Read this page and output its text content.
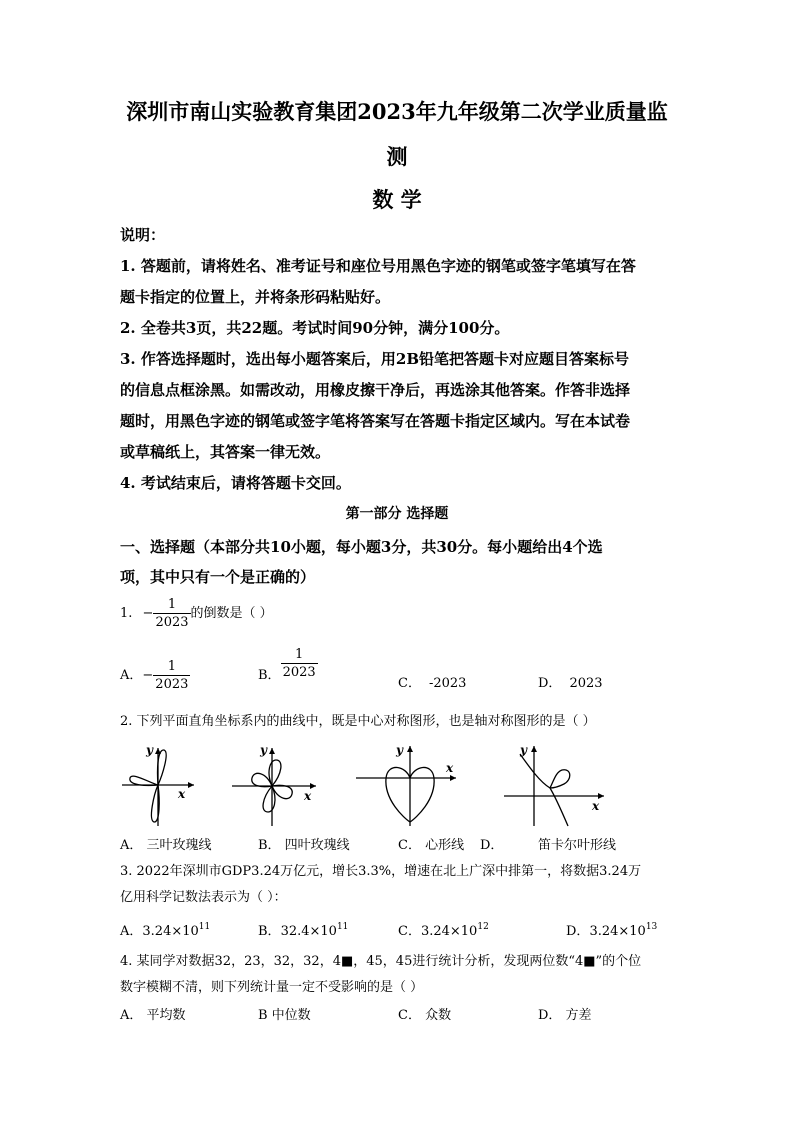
深圳市南山实验教育集团2023年九年级第二次学业质量监
测
数 学
说明：
1. 答题前，请将姓名、准考证号和座位号用黑色字迹的钢笔或签字笔填写在答
题卡指定的位置上，并将条形码粘贴好。
2. 全卷共3页，共22题。考试时间90分钟，满分100分。
3. 作答选择题时，选出每小题答案后，用2B铅笔把答题卡对应题目答案标号
的信息点框涂黑。如需改动，用橡皮擦干净后，再选涂其他答案。作答非选择
题时，用黑色字迹的钢笔或签字笔将答案写在答题卡指定区域内。写在本试卷
或草稿纸上，其答案一律无效。
4. 考试结束后，请将答题卡交回。
第一部分 选择题
一、选择题（本部分共10小题，每小题3分，共30分。每小题给出4个选
项，其中只有一个是正确的）
1. − $\frac{1}{2023}$ 的倒数是（ ）
A．− $\frac{1}{2023}$	B． $\frac{1}{2023}$
C． -2023	D． 2023
2. 下列平面直角坐标系内的曲线中，既是中心对称图形，也是轴对称图形的是（ ）
x
y
x
y
x
y
x
y
A． 三叶玫瑰线	B． 四叶玫瑰线	C． 心形线 D．	笛卡尔叶形线
3. 2022年深圳市GDP3.24万亿元，增长3.3%，增速在北上广深中排第一，将数据3.24万
亿用科学记数法表示为（ ）：
A．$3.24\times 10^{11}$	B．$32.4\times 10^{11}$	C．$3.24\times 10^{12}$	D．$3.24\times 10^{13}$
4. 某同学对数据32，23，32，32，4■，45，45进行统计分析，发现两位数“4■”的个位
数字模糊不清，则下列统计量一定不受影响的是（ ）
A． 平均数	B 中位数	C． 众数	D． 方差
